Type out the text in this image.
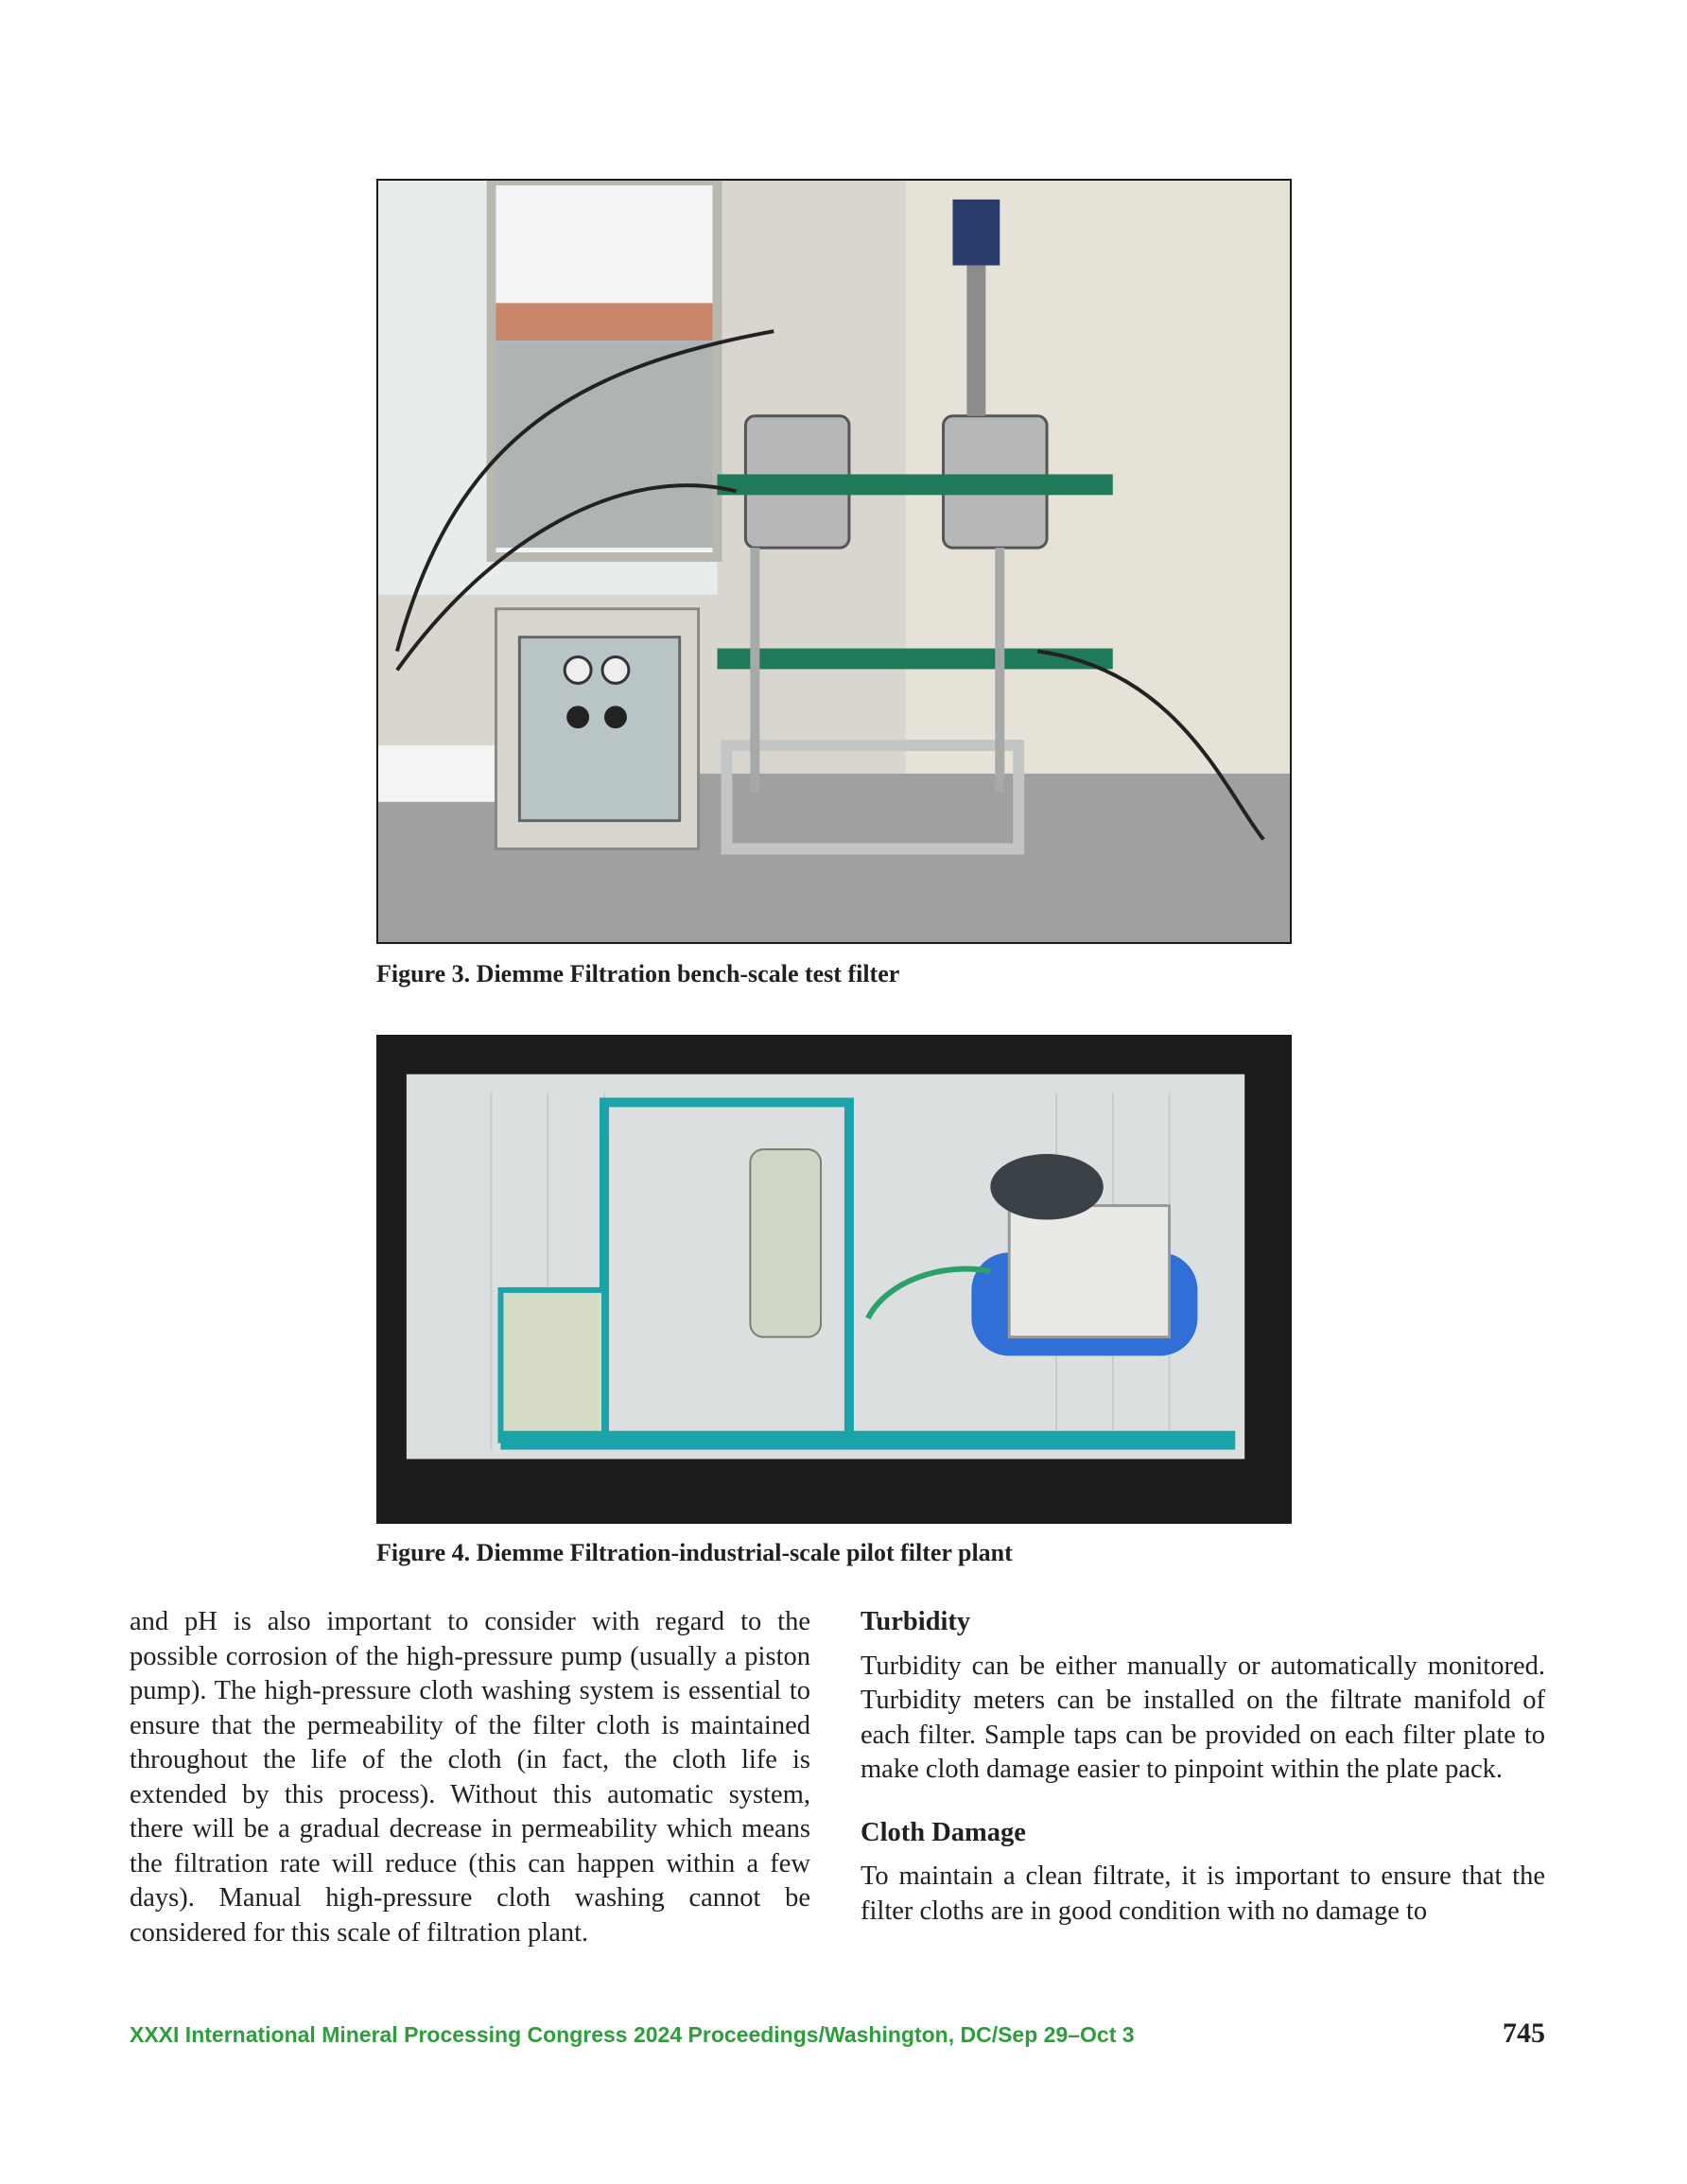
Figure 3. Diemme Filtration bench-scale test filter
Figure 4. Diemme Filtration-industrial-scale pilot filter plant

and pH is also important to consider with regard to the possible corrosion of the high-pressure pump (usually a piston pump). The high-pressure cloth washing system is essential to ensure that the permeability of the filter cloth is maintained throughout the life of the cloth (in fact, the cloth life is extended by this process). Without this automatic system, there will be a gradual decrease in permeability which means the filtration rate will reduce (this can happen within a few days). Manual high-pressure cloth washing cannot be considered for this scale of filtration plant.

Turbidity

Turbidity can be either manually or automatically monitored. Turbidity meters can be installed on the filtrate manifold of each filter. Sample taps can be provided on each filter plate to make cloth damage easier to pinpoint within the plate pack.

Cloth Damage

To maintain a clean filtrate, it is important to ensure that the filter cloths are in good condition with no damage to

XXXI International Mineral Processing Congress 2024 Proceedings/Washington, DC/Sep 29–Oct 3	745
